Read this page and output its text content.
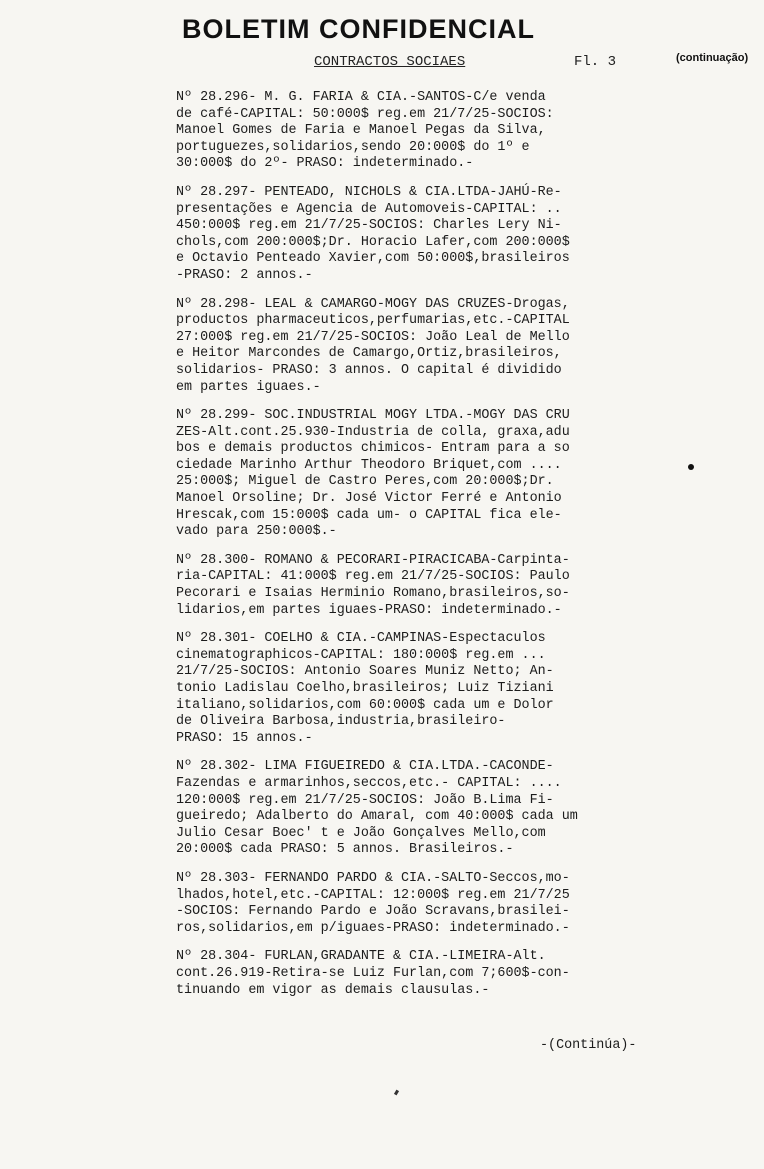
BOLETIM CONFIDENCIAL
CONTRACTOS SOCIAES	Fl. 3	(continuação)
Nº 28.296- M. G. FARIA & CIA.-SANTOS-C/e venda
de café-CAPITAL: 50:000$ reg.em 21/7/25-SOCIOS:
Manoel Gomes de Faria e Manoel Pegas da Silva,
portuguezes,solidarios,sendo 20:000$ do 1º e
30:000$ do 2º- PRASO: indeterminado.-
Nº 28.297- PENTEADO, NICHOLS & CIA.LTDA-JAHÚ-Re-
presentações e Agencia de Automoveis-CAPITAL: ..
450:000$ reg.em 21/7/25-SOCIOS: Charles Lery Ni-
chols,com 200:000$;Dr. Horacio Lafer,com 200:000$
e Octavio Penteado Xavier,com 50:000$,brasileiros
-PRASO: 2 annos.-
Nº 28.298- LEAL & CAMARGO-MOGY DAS CRUZES-Drogas,
productos pharmaceuticos,perfumarias,etc.-CAPITAL
27:000$ reg.em 21/7/25-SOCIOS: João Leal de Mello
e Heitor Marcondes de Camargo,Ortiz,brasileiros,
solidarios- PRASO: 3 annos. O capital é dividido
em partes iguaes.-
Nº 28.299- SOC.INDUSTRIAL MOGY LTDA.-MOGY DAS CRU
ZES-Alt.cont.25.930-Industria de colla, graxa,adu
bos e demais productos chimicos- Entram para a so
ciedade Marinho Arthur Theodoro Briquet,com ....
25:000$; Miguel de Castro Peres,com 20:000$;Dr.
Manoel Orsoline; Dr. José Victor Ferré e Antonio
Hrescak,com 15:000$ cada um- o CAPITAL fica ele-
vado para 250:000$.-
Nº 28.300- ROMANO & PECORARI-PIRACICABA-Carpinta-
ria-CAPITAL: 41:000$ reg.em 21/7/25-SOCIOS: Paulo
Pecorari e Isaias Herminio Romano,brasileiros,so-
lidarios,em partes iguaes-PRASO: indeterminado.-
Nº 28.301- COELHO & CIA.-CAMPINAS-Espectaculos
cinematographicos-CAPITAL: 180:000$ reg.em ...
21/7/25-SOCIOS: Antonio Soares Muniz Netto; An-
tonio Ladislau Coelho,brasileiros; Luiz Tiziani
italiano,solidarios,com 60:000$ cada um e Dolor
de Oliveira Barbosa,industria,brasileiro-
PRASO: 15 annos.-
Nº 28.302- LIMA FIGUEIREDO & CIA.LTDA.-CACONDE-
Fazendas e armarinhos,seccos,etc.- CAPITAL: ....
120:000$ reg.em 21/7/25-SOCIOS: João B.Lima Fi-
gueiredo; Adalberto do Amaral, com 40:000$ cada um
Julio Cesar Boec' t e João Gonçalves Mello,com
20:000$ cada PRASO: 5 annos. Brasileiros.-
Nº 28.303- FERNANDO PARDO & CIA.-SALTO-Seccos,mo-
lhados,hotel,etc.-CAPITAL: 12:000$ reg.em 21/7/25
-SOCIOS: Fernando Pardo e João Scravans,brasilei-
ros,solidarios,em p/iguaes-PRASO: indeterminado.-
Nº 28.304- FURLAN,GRADANTE & CIA.-LIMEIRA-Alt.
cont.26.919-Retira-se Luiz Furlan,com 7;600$-con-
tinuando em vigor as demais clausulas.-
-(Continúa)-
